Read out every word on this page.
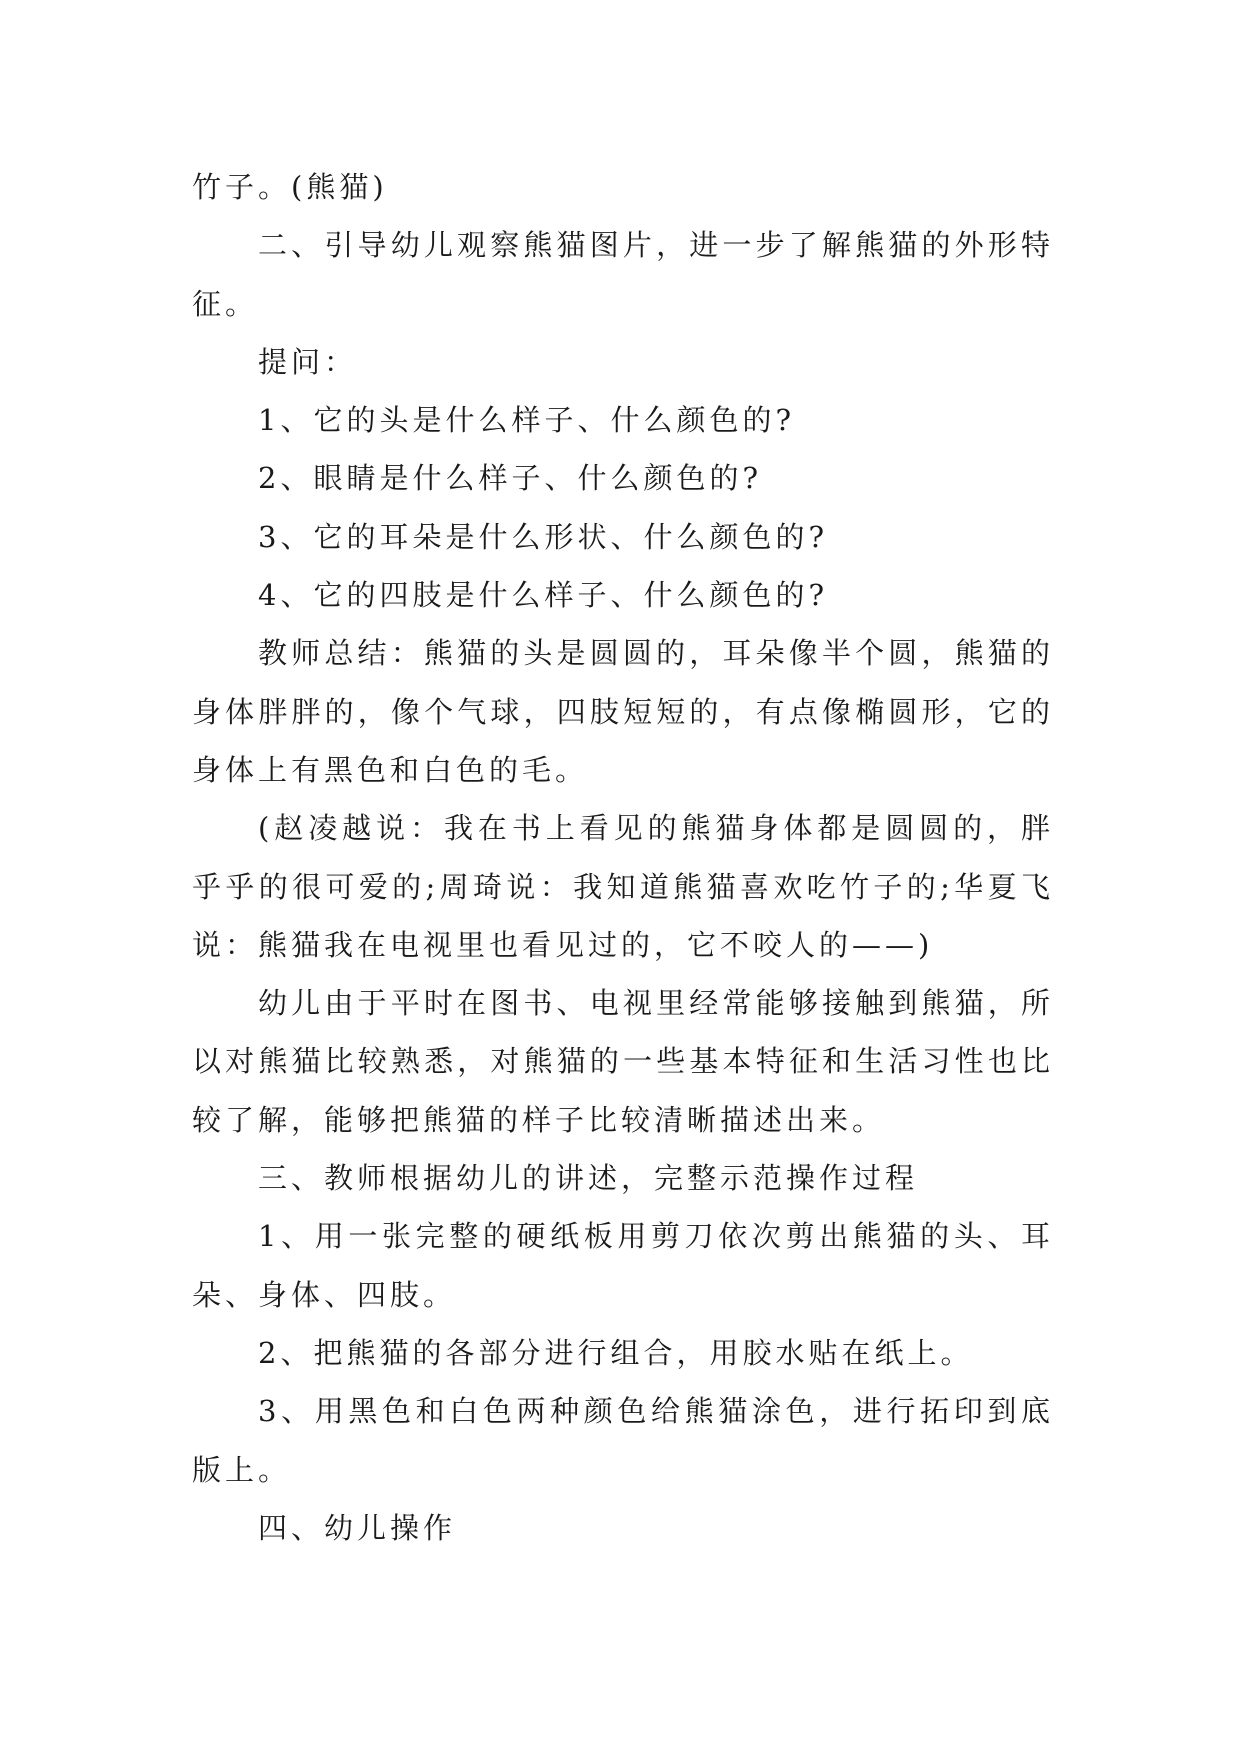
竹子。(熊猫)

二、引导幼儿观察熊猫图片，进一步了解熊猫的外形特征。

提问：

1、它的头是什么样子、什么颜色的?

2、眼睛是什么样子、什么颜色的?

3、它的耳朵是什么形状、什么颜色的?

4、它的四肢是什么样子、什么颜色的?

教师总结：熊猫的头是圆圆的，耳朵像半个圆，熊猫的身体胖胖的，像个气球，四肢短短的，有点像椭圆形，它的身体上有黑色和白色的毛。

(赵凌越说：我在书上看见的熊猫身体都是圆圆的，胖乎乎的很可爱的;周琦说：我知道熊猫喜欢吃竹子的;华夏飞说：熊猫我在电视里也看见过的，它不咬人的——)

幼儿由于平时在图书、电视里经常能够接触到熊猫，所以对熊猫比较熟悉，对熊猫的一些基本特征和生活习性也比较了解，能够把熊猫的样子比较清晰描述出来。

三、教师根据幼儿的讲述，完整示范操作过程

1、用一张完整的硬纸板用剪刀依次剪出熊猫的头、耳朵、身体、四肢。

2、把熊猫的各部分进行组合，用胶水贴在纸上。

3、用黑色和白色两种颜色给熊猫涂色，进行拓印到底版上。

四、幼儿操作
